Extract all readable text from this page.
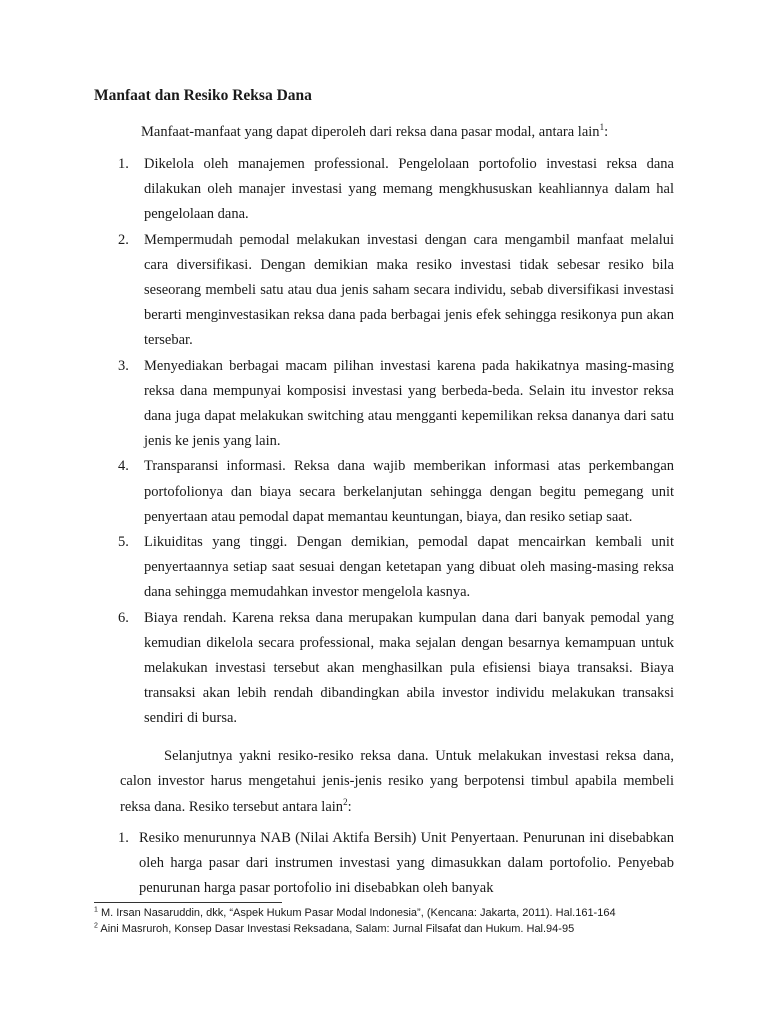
Manfaat dan Resiko Reksa Dana
Manfaat-manfaat yang dapat diperoleh dari reksa dana pasar modal, antara lain$^1$:
1. Dikelola oleh manajemen professional. Pengelolaan portofolio investasi reksa dana dilakukan oleh manajer investasi yang memang mengkhususkan keahliannya dalam hal pengelolaan dana.
2. Mempermudah pemodal melakukan investasi dengan cara mengambil manfaat melalui cara diversifikasi. Dengan demikian maka resiko investasi tidak sebesar resiko bila seseorang membeli satu atau dua jenis saham secara individu, sebab diversifikasi investasi berarti menginvestasikan reksa dana pada berbagai jenis efek sehingga resikonya pun akan tersebar.
3. Menyediakan berbagai macam pilihan investasi karena pada hakikatnya masing-masing reksa dana mempunyai komposisi investasi yang berbeda-beda. Selain itu investor reksa dana juga dapat melakukan switching atau mengganti kepemilikan reksa dananya dari satu jenis ke jenis yang lain.
4. Transparansi informasi. Reksa dana wajib memberikan informasi atas perkembangan portofolionya dan biaya secara berkelanjutan sehingga dengan begitu pemegang unit penyertaan atau pemodal dapat memantau keuntungan, biaya, dan resiko setiap saat.
5. Likuiditas yang tinggi. Dengan demikian, pemodal dapat mencairkan kembali unit penyertaannya setiap saat sesuai dengan ketetapan yang dibuat oleh masing-masing reksa dana sehingga memudahkan investor mengelola kasnya.
6. Biaya rendah. Karena reksa dana merupakan kumpulan dana dari banyak pemodal yang kemudian dikelola secara professional, maka sejalan dengan besarnya kemampuan untuk melakukan investasi tersebut akan menghasilkan pula efisiensi biaya transaksi. Biaya transaksi akan lebih rendah dibandingkan abila investor individu melakukan transaksi sendiri di bursa.
Selanjutnya yakni resiko-resiko reksa dana. Untuk melakukan investasi reksa dana, calon investor harus mengetahui jenis-jenis resiko yang berpotensi timbul apabila membeli reksa dana. Resiko tersebut antara lain$^2$:
1. Resiko menurunnya NAB (Nilai Aktifa Bersih) Unit Penyertaan. Penurunan ini disebabkan oleh harga pasar dari instrumen investasi yang dimasukkan dalam portofolio. Penyebab penurunan harga pasar portofolio ini disebabkan oleh banyak
$^1$ M. Irsan Nasaruddin, dkk, “Aspek Hukum Pasar Modal Indonesia”, (Kencana: Jakarta, 2011). Hal.161-164
$^2$ Aini Masruroh, Konsep Dasar Investasi Reksadana, Salam: Jurnal Filsafat dan Hukum. Hal.94-95
